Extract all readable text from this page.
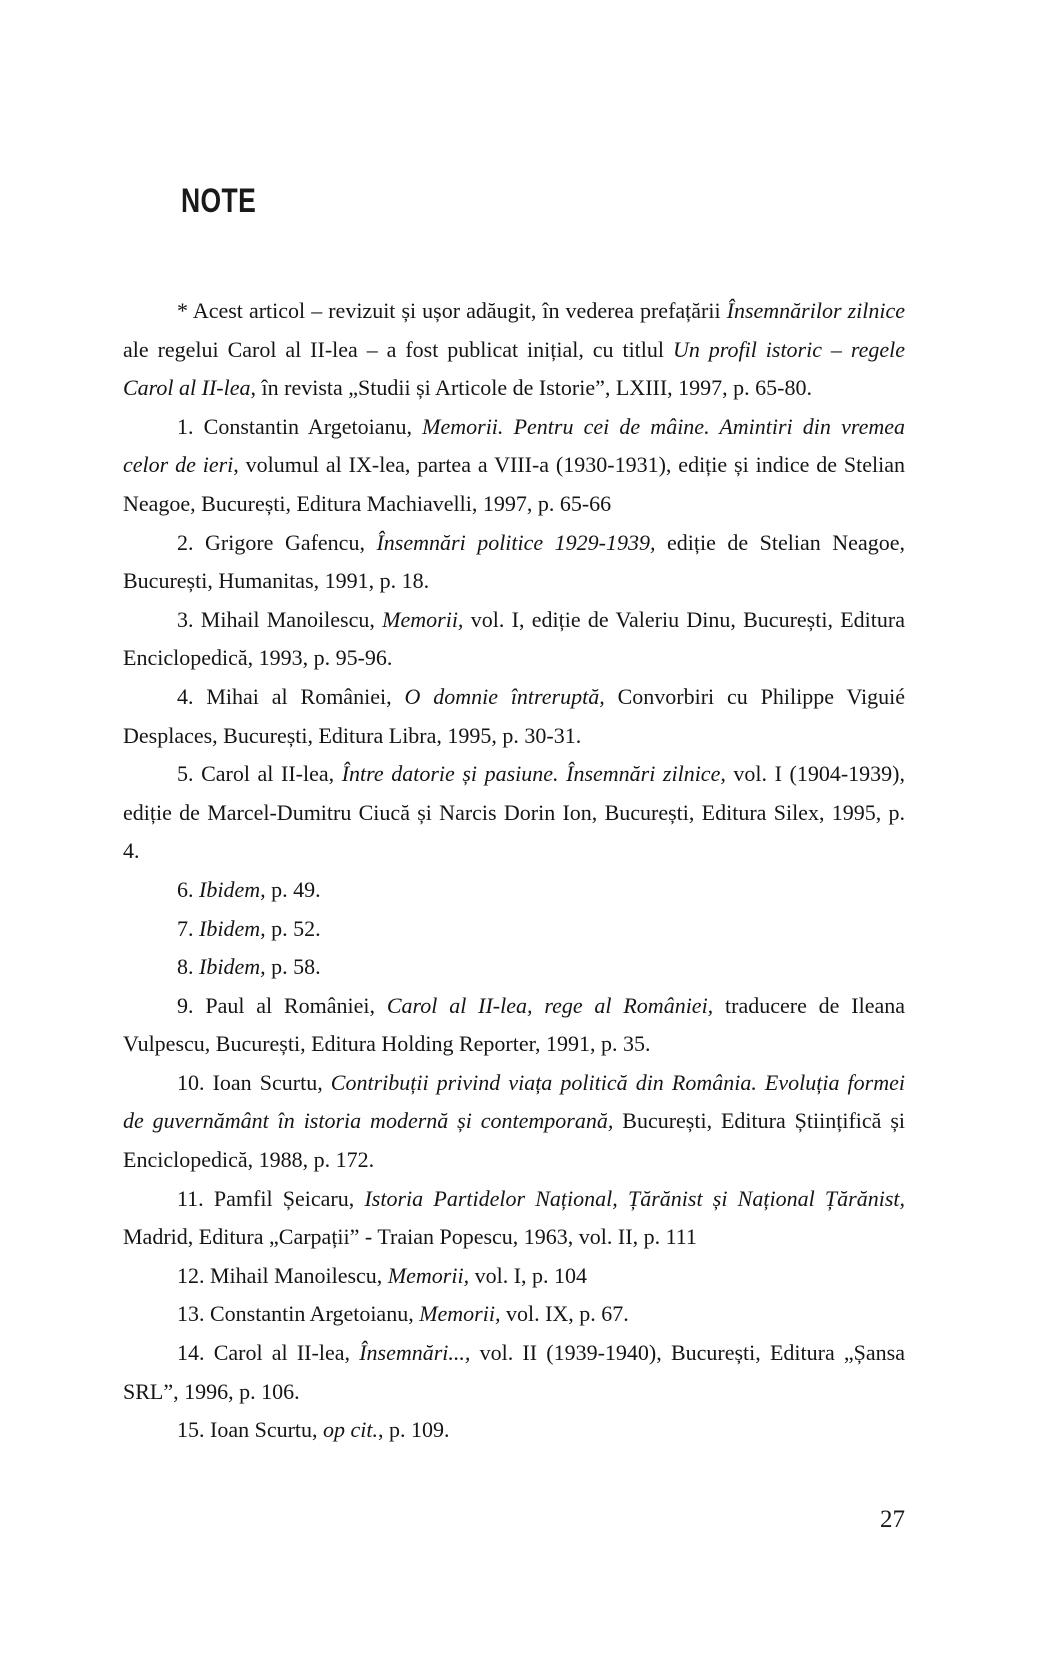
NOTE

* Acest articol – revizuit și ușor adăugit, în vederea prefațării Însemnărilor zilnice ale regelui Carol al II-lea – a fost publicat inițial, cu titlul Un profil istoric – regele Carol al II-lea, în revista „Studii și Articole de Istorie”, LXIII, 1997, p. 65-80.

1. Constantin Argetoianu, Memorii. Pentru cei de mâine. Amintiri din vremea celor de ieri, volumul al IX-lea, partea a VIII-a (1930-1931), ediție și indice de Stelian Neagoe, București, Editura Machiavelli, 1997, p. 65-66

2. Grigore Gafencu, Însemnări politice 1929-1939, ediție de Stelian Neagoe, București, Humanitas, 1991, p. 18.

3. Mihail Manoilescu, Memorii, vol. I, ediție de Valeriu Dinu, București, Editura Enciclopedică, 1993, p. 95-96.

4. Mihai al României, O domnie întreruptă, Convorbiri cu Philippe Viguié Desplaces, București, Editura Libra, 1995, p. 30-31.

5. Carol al II-lea, Între datorie și pasiune. Însemnări zilnice, vol. I (1904-1939), ediție de Marcel-Dumitru Ciucă și Narcis Dorin Ion, București, Editura Silex, 1995, p. 4.

6. Ibidem, p. 49.

7. Ibidem, p. 52.

8. Ibidem, p. 58.

9. Paul al României, Carol al II-lea, rege al României, traducere de Ileana Vulpescu, București, Editura Holding Reporter, 1991, p. 35.

10. Ioan Scurtu, Contribuții privind viața politică din România. Evoluția formei de guvernământ în istoria modernă și contemporană, București, Editura Științifică și Enciclopedică, 1988, p. 172.

11. Pamfil Șeicaru, Istoria Partidelor Național, Țărănist și Național Țărănist, Madrid, Editura „Carpații” - Traian Popescu, 1963, vol. II, p. 111

12. Mihail Manoilescu, Memorii, vol. I, p. 104

13. Constantin Argetoianu, Memorii, vol. IX, p. 67.

14. Carol al II-lea, Însemnări..., vol. II (1939-1940), București, Editura „Șansa SRL”, 1996, p. 106.

15. Ioan Scurtu, op cit., p. 109.

27
